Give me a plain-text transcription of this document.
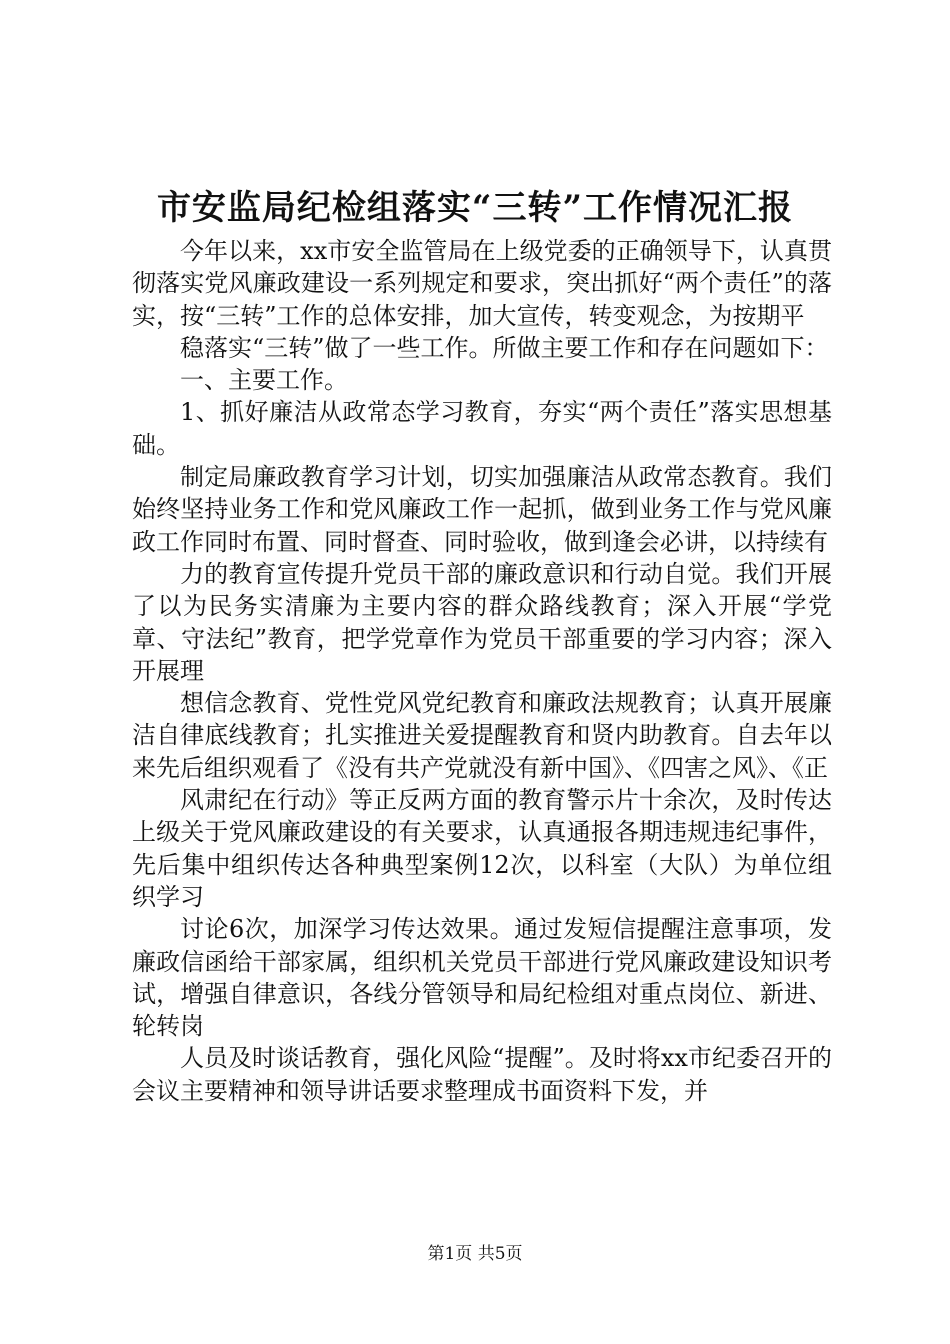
市安监局纪检组落实“三转”工作情况汇报

今年以来，xx市安全监管局在上级党委的正确领导下，认真贯彻落实党风廉政建设一系列规定和要求，突出抓好“两个责任”的落实，按“三转”工作的总体安排，加大宣传，转变观念，为按期平

稳落实“三转”做了一些工作。所做主要工作和存在问题如下：

一、主要工作。

1、抓好廉洁从政常态学习教育，夯实“两个责任”落实思想基础。

制定局廉政教育学习计划，切实加强廉洁从政常态教育。我们始终坚持业务工作和党风廉政工作一起抓，做到业务工作与党风廉政工作同时布置、同时督查、同时验收，做到逢会必讲，以持续有

力的教育宣传提升党员干部的廉政意识和行动自觉。我们开展了以为民务实清廉为主要内容的群众路线教育；深入开展“学党章、守法纪”教育，把学党章作为党员干部重要的学习内容；深入开展理

想信念教育、党性党风党纪教育和廉政法规教育；认真开展廉洁自律底线教育；扎实推进关爱提醒教育和贤内助教育。自去年以来先后组织观看了《没有共产党就没有新中国》、《四害之风》、《正

风肃纪在行动》等正反两方面的教育警示片十余次，及时传达上级关于党风廉政建设的有关要求，认真通报各期违规违纪事件，先后集中组织传达各种典型案例12次，以科室（大队）为单位组织学习

讨论6次，加深学习传达效果。通过发短信提醒注意事项，发廉政信函给干部家属，组织机关党员干部进行党风廉政建设知识考试，增强自律意识，各线分管领导和局纪检组对重点岗位、新进、轮转岗

人员及时谈话教育，强化风险“提醒”。及时将xx市纪委召开的会议主要精神和领导讲话要求整理成书面资料下发，并

第1页 共5页
